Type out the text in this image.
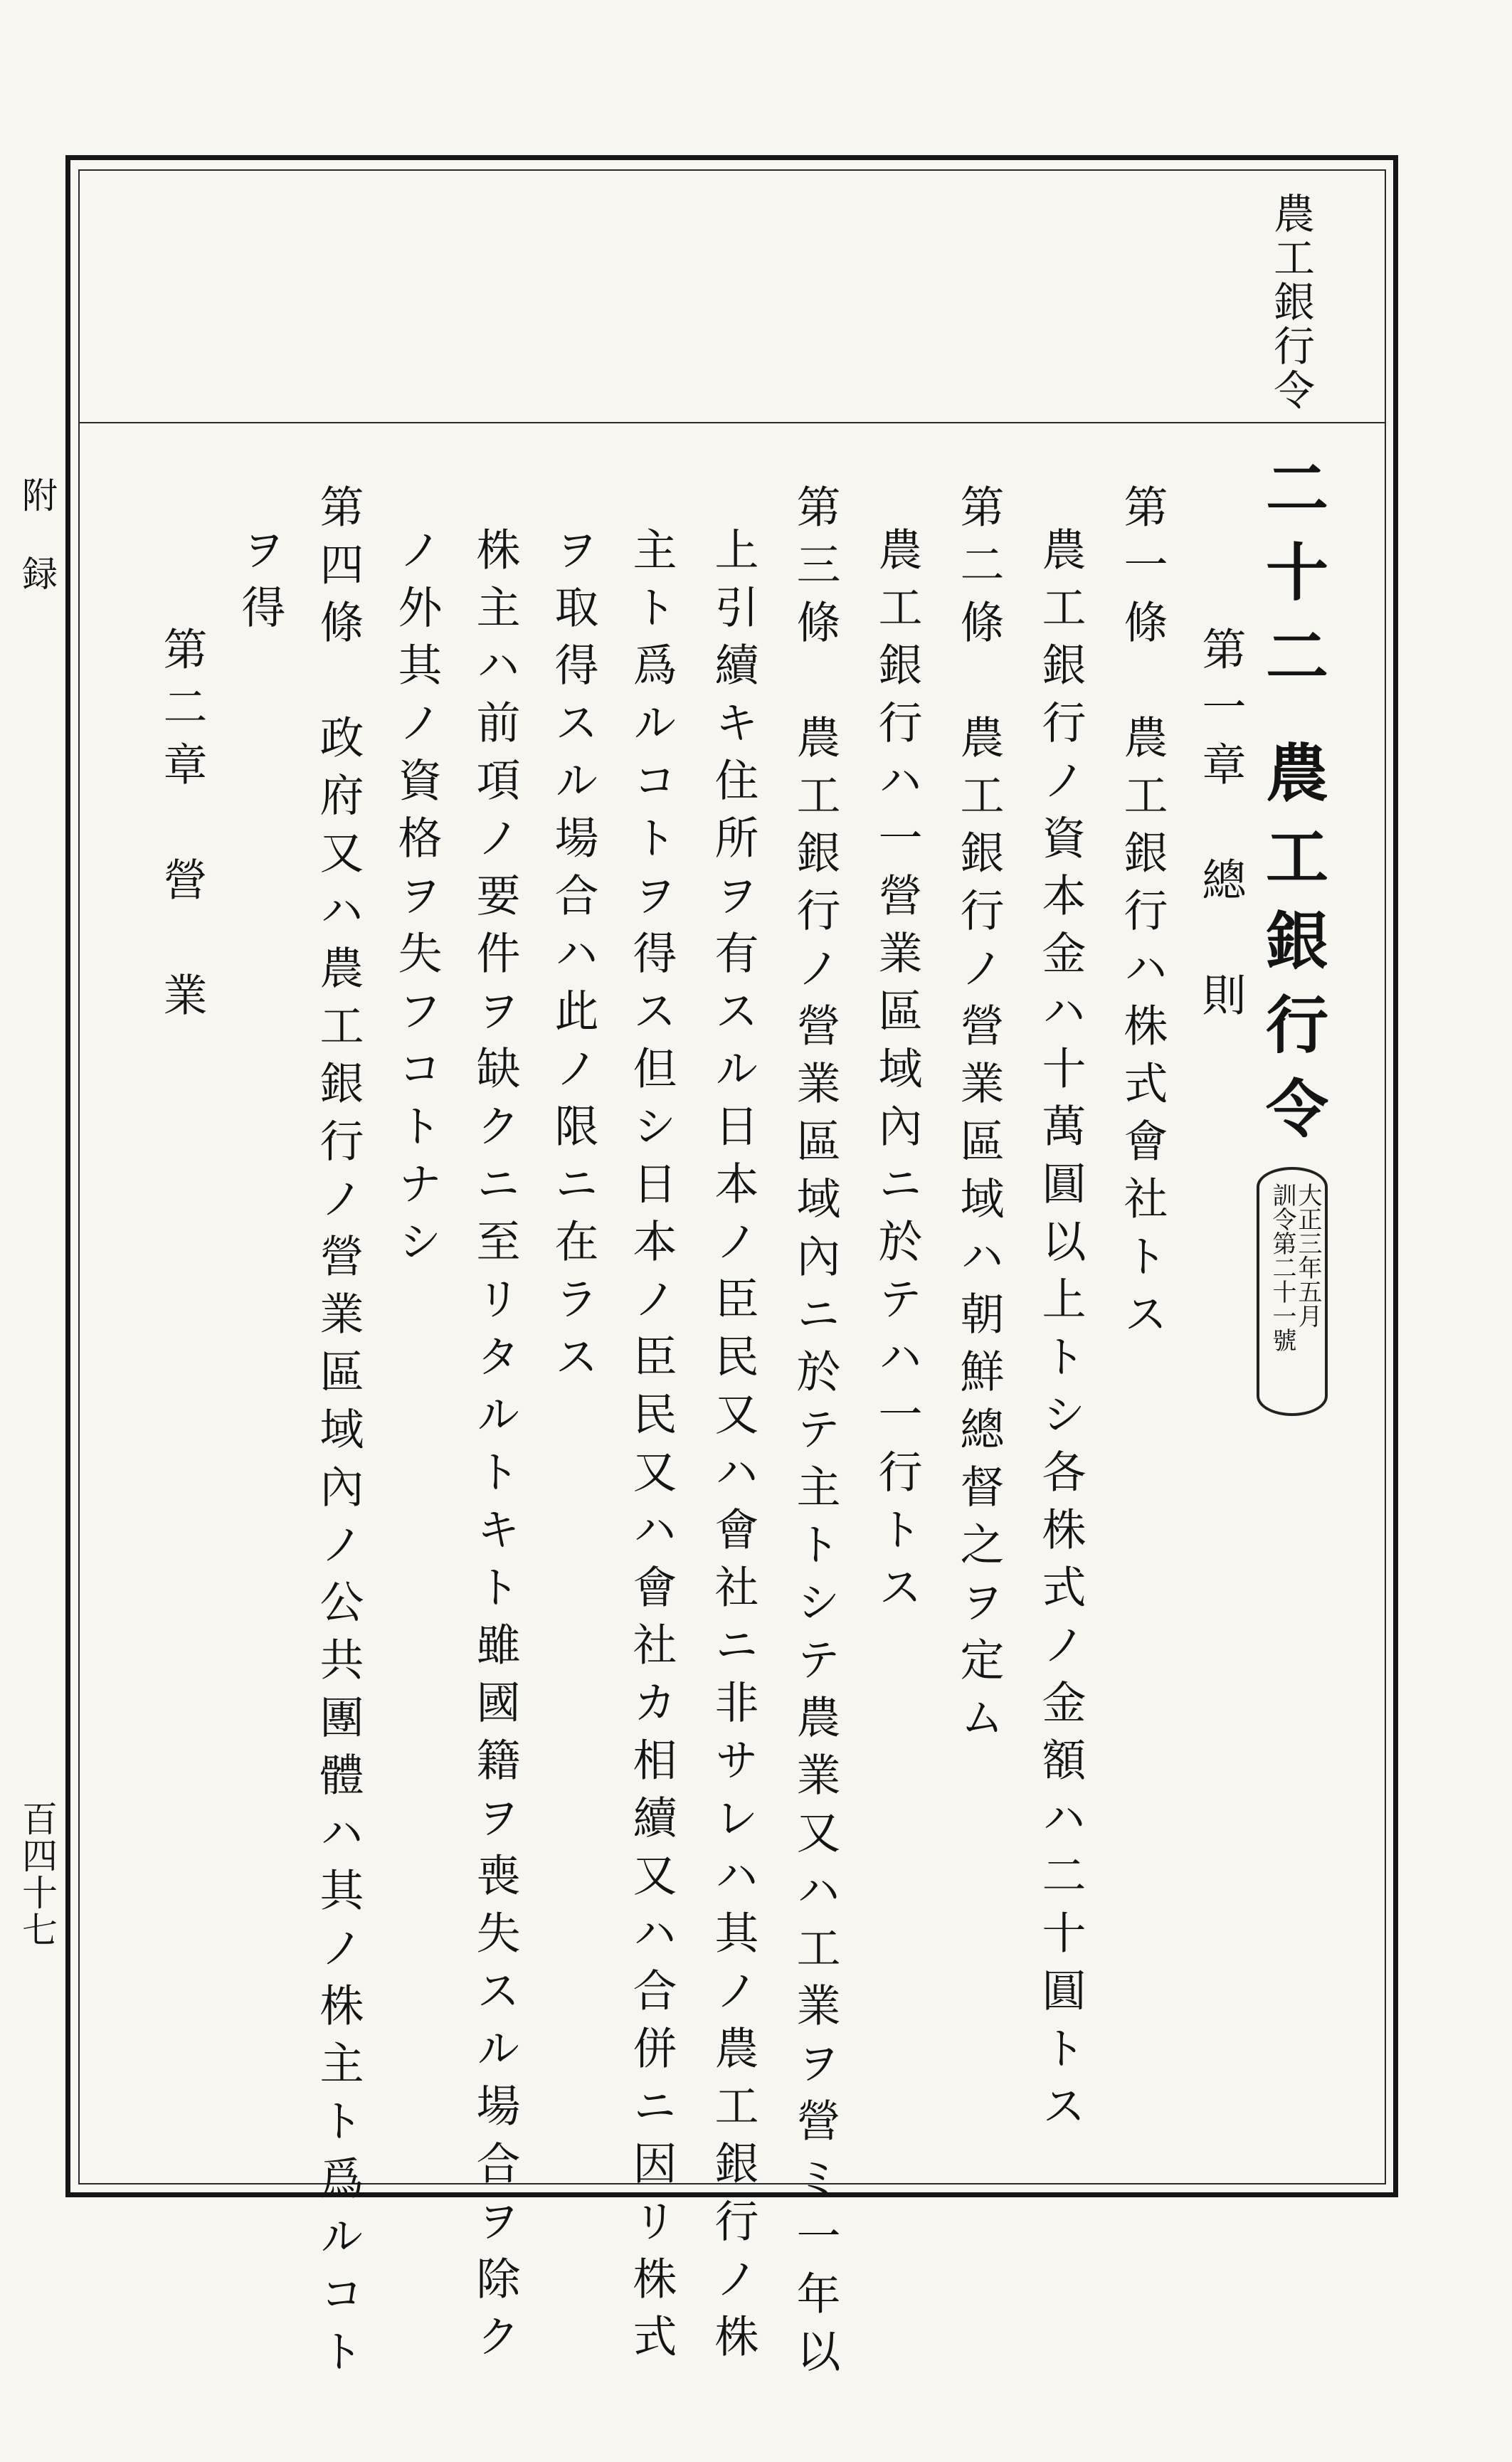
附録
百四十七
農工銀行令
二十二
農工銀行令
大正三年五月
訓令第二十一號
第一章　總　則
第一條　農工銀行ハ株式會社トス
農工銀行ノ資本金ハ十萬圓以上トシ各株式ノ金額ハ二十圓トス
第二條　農工銀行ノ營業區域ハ朝鮮總督之ヲ定ム
農工銀行ハ一營業區域內ニ於テハ一行トス
第三條　農工銀行ノ營業區域內ニ於テ主トシテ農業又ハ工業ヲ營ミ一年以
上引續キ住所ヲ有スル日本ノ臣民又ハ會社ニ非サレハ其ノ農工銀行ノ株
主ト爲ルコトヲ得ス但シ日本ノ臣民又ハ會社カ相續又ハ合併ニ因リ株式
ヲ取得スル場合ハ此ノ限ニ在ラス
株主ハ前項ノ要件ヲ缺クニ至リタルトキト雖國籍ヲ喪失スル場合ヲ除ク
ノ外其ノ資格ヲ失フコトナシ
第四條　政府又ハ農工銀行ノ營業區域內ノ公共團體ハ其ノ株主ト爲ルコト
ヲ得
第二章　營　業
